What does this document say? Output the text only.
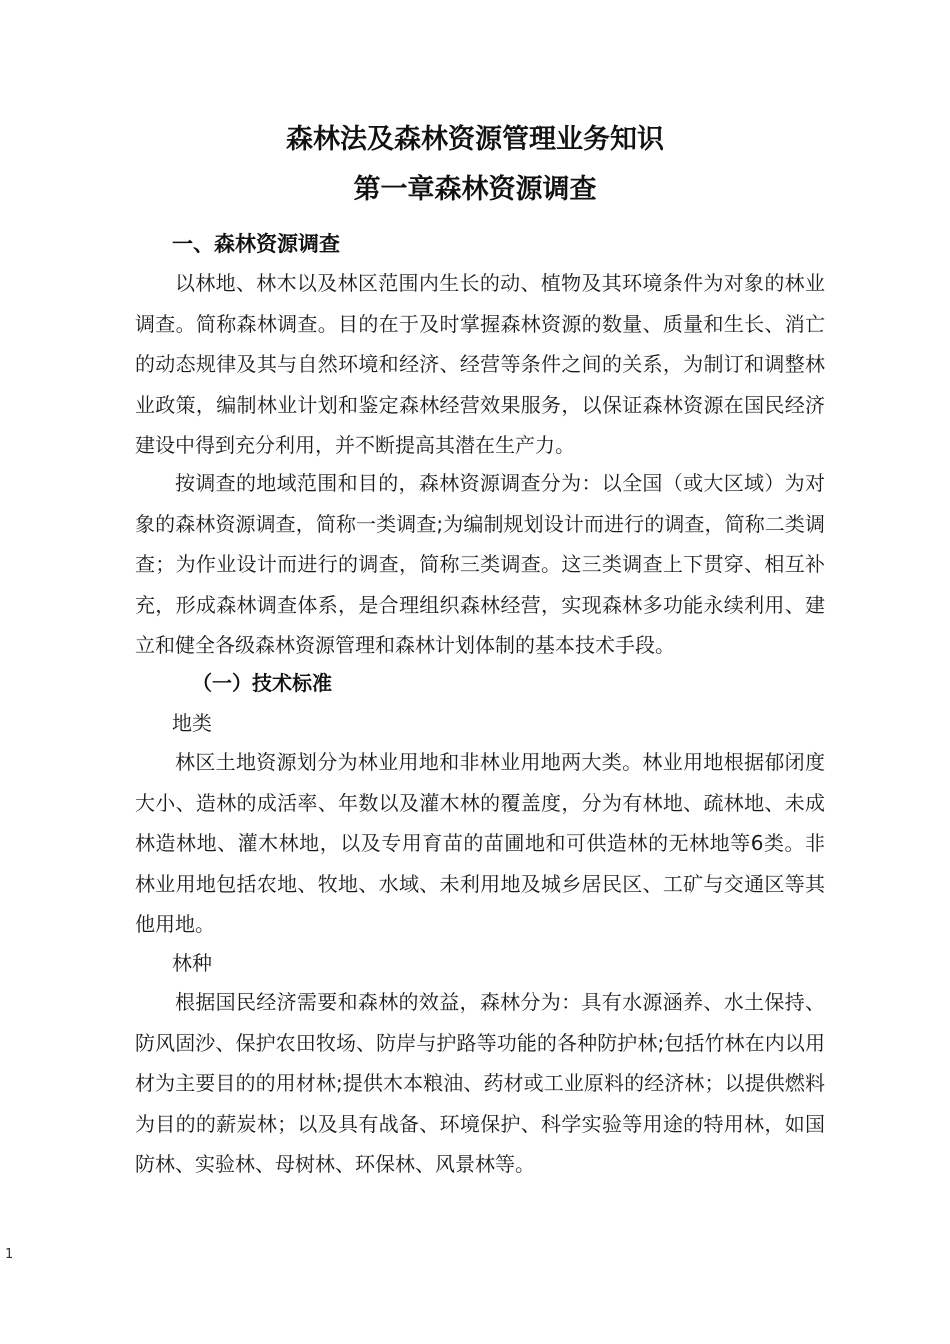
森林法及森林资源管理业务知识
第一章森林资源调查
一、森林资源调查

以林地、林木以及林区范围内生长的动、植物及其环境条件为对象的林业调查。简称森林调查。目的在于及时掌握森林资源的数量、质量和生长、消亡的动态规律及其与自然环境和经济、经营等条件之间的关系，为制订和调整林业政策，编制林业计划和鉴定森林经营效果服务，以保证森林资源在国民经济建设中得到充分利用，并不断提高其潜在生产力。

按调查的地域范围和目的，森林资源调查分为：以全国（或大区域）为对象的森林资源调查，简称一类调查;为编制规划设计而进行的调查，简称二类调查；为作业设计而进行的调查，简称三类调查。这三类调查上下贯穿、相互补充，形成森林调查体系，是合理组织森林经营，实现森林多功能永续利用、建立和健全各级森林资源管理和森林计划体制的基本技术手段。

（一）技术标准
地类

林区土地资源划分为林业用地和非林业用地两大类。林业用地根据郁闭度大小、造林的成活率、年数以及灌木林的覆盖度，分为有林地、疏林地、未成林造林地、灌木林地，以及专用育苗的苗圃地和可供造林的无林地等6类。非林业用地包括农地、牧地、水域、未利用地及城乡居民区、工矿与交通区等其他用地。

林种

根据国民经济需要和森林的效益，森林分为：具有水源涵养、水土保持、防风固沙、保护农田牧场、防岸与护路等功能的各种防护林;包括竹林在内以用材为主要目的的用材林;提供木本粮油、药材或工业原料的经济林；以提供燃料为目的的薪炭林；以及具有战备、环境保护、科学实验等用途的特用林，如国防林、实验林、母树林、环保林、风景林等。

1
